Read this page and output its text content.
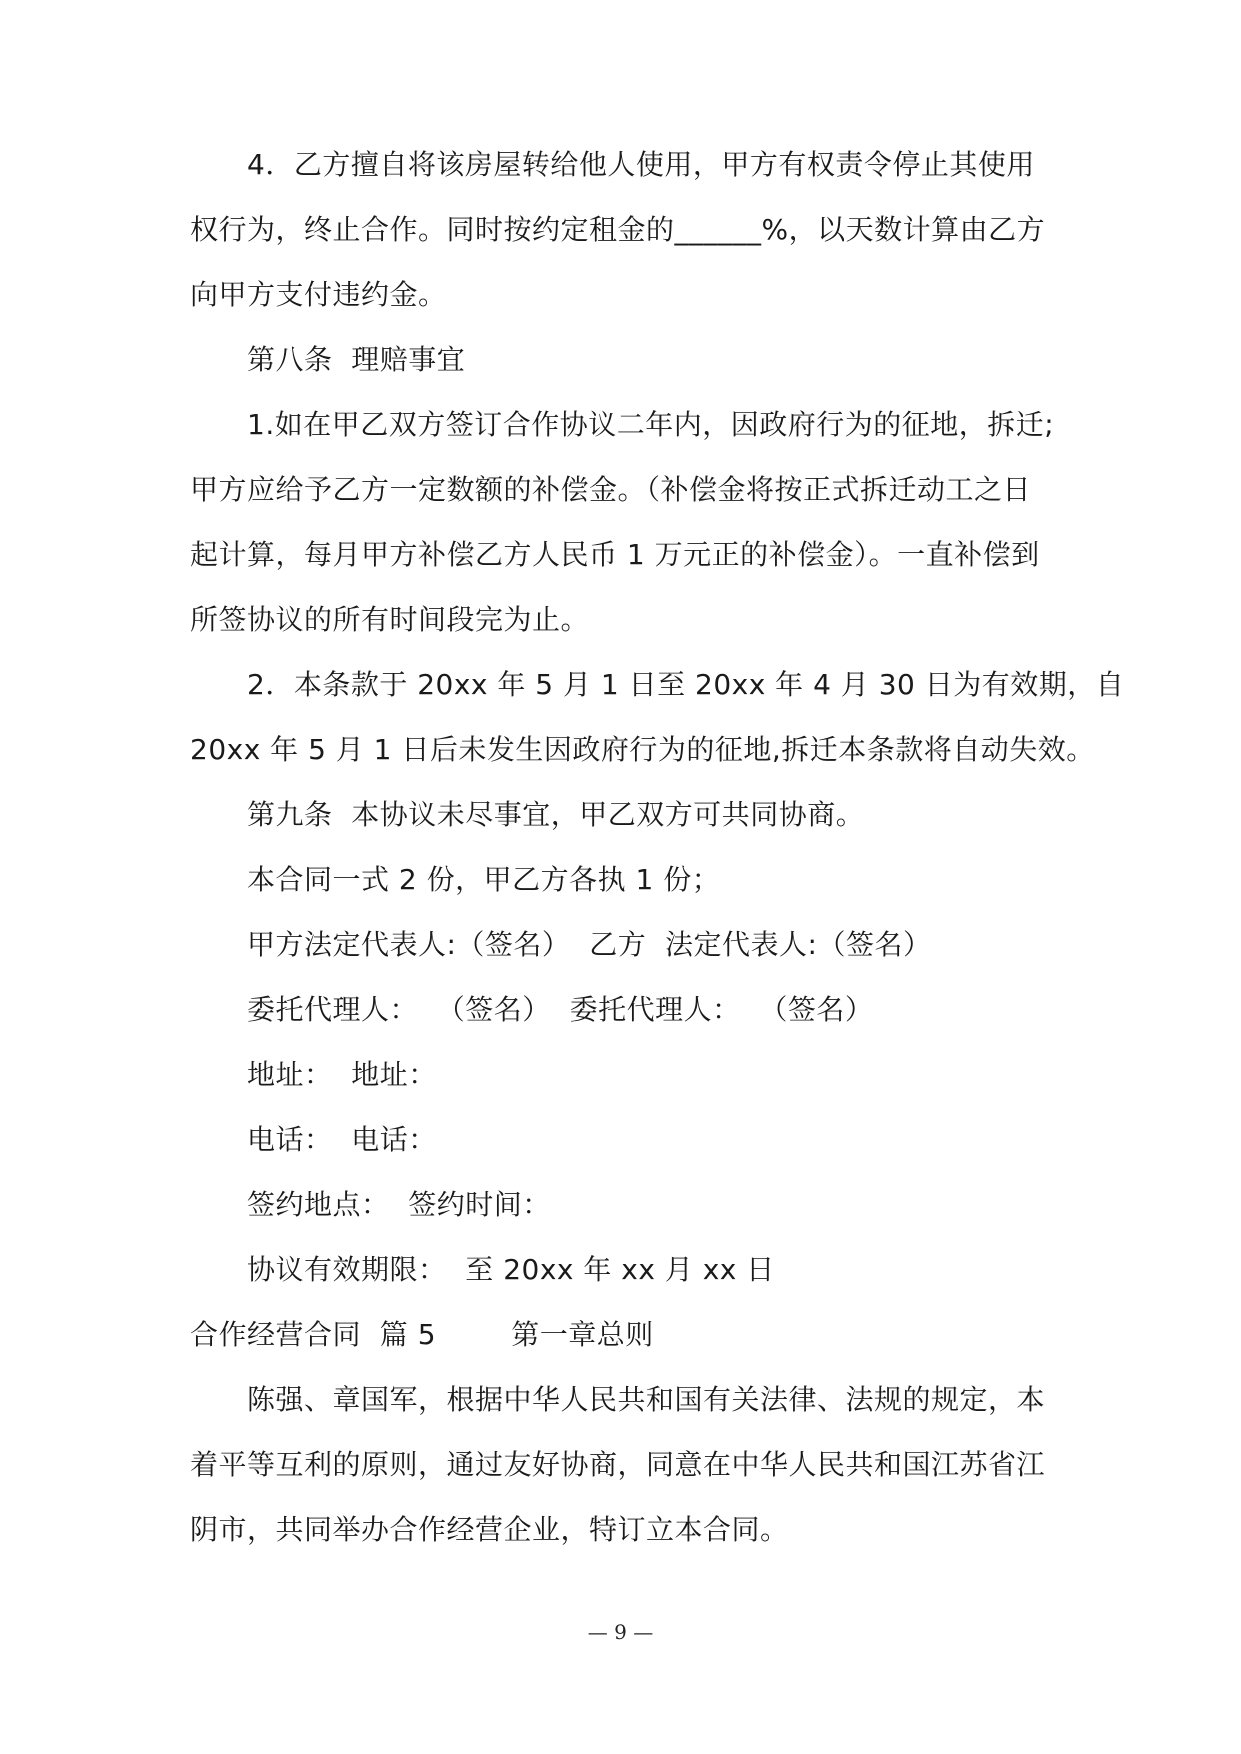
4．乙方擅自将该房屋转给他人使用，甲方有权责令停止其使用
权行为，终止合作。同时按约定租金的______%，以天数计算由乙方
向甲方支付违约金。
第八条  理赔事宜
1.如在甲乙双方签订合作协议二年内，因政府行为的征地，拆迁;
甲方应给予乙方一定数额的补偿金。（补偿金将按正式拆迁动工之日
起计算，每月甲方补偿乙方人民币 1 万元正的补偿金）。一直补偿到
所签协议的所有时间段完为止。
2．本条款于 20xx 年 5 月 1 日至 20xx 年 4 月 30 日为有效期，自
20xx 年 5 月 1 日后未发生因政府行为的征地,拆迁本条款将自动失效。
第九条  本协议未尽事宜，甲乙双方可共同协商。
本合同一式 2 份，甲乙方各执 1 份；
甲方法定代表人:（签名）  乙方  法定代表人:（签名）
委托代理人：  （签名）  委托代理人：  （签名）
地址：  地址：
电话：  电话：
签约地点：  签约时间：
协议有效期限：  至 20xx 年 xx 月 xx 日
合作经营合同  篇 5        第一章总则
陈强、章国军，根据中华人民共和国有关法律、法规的规定，本
着平等互利的原则，通过友好协商，同意在中华人民共和国江苏省江
阴市，共同举办合作经营企业，特订立本合同。
— 9 —
